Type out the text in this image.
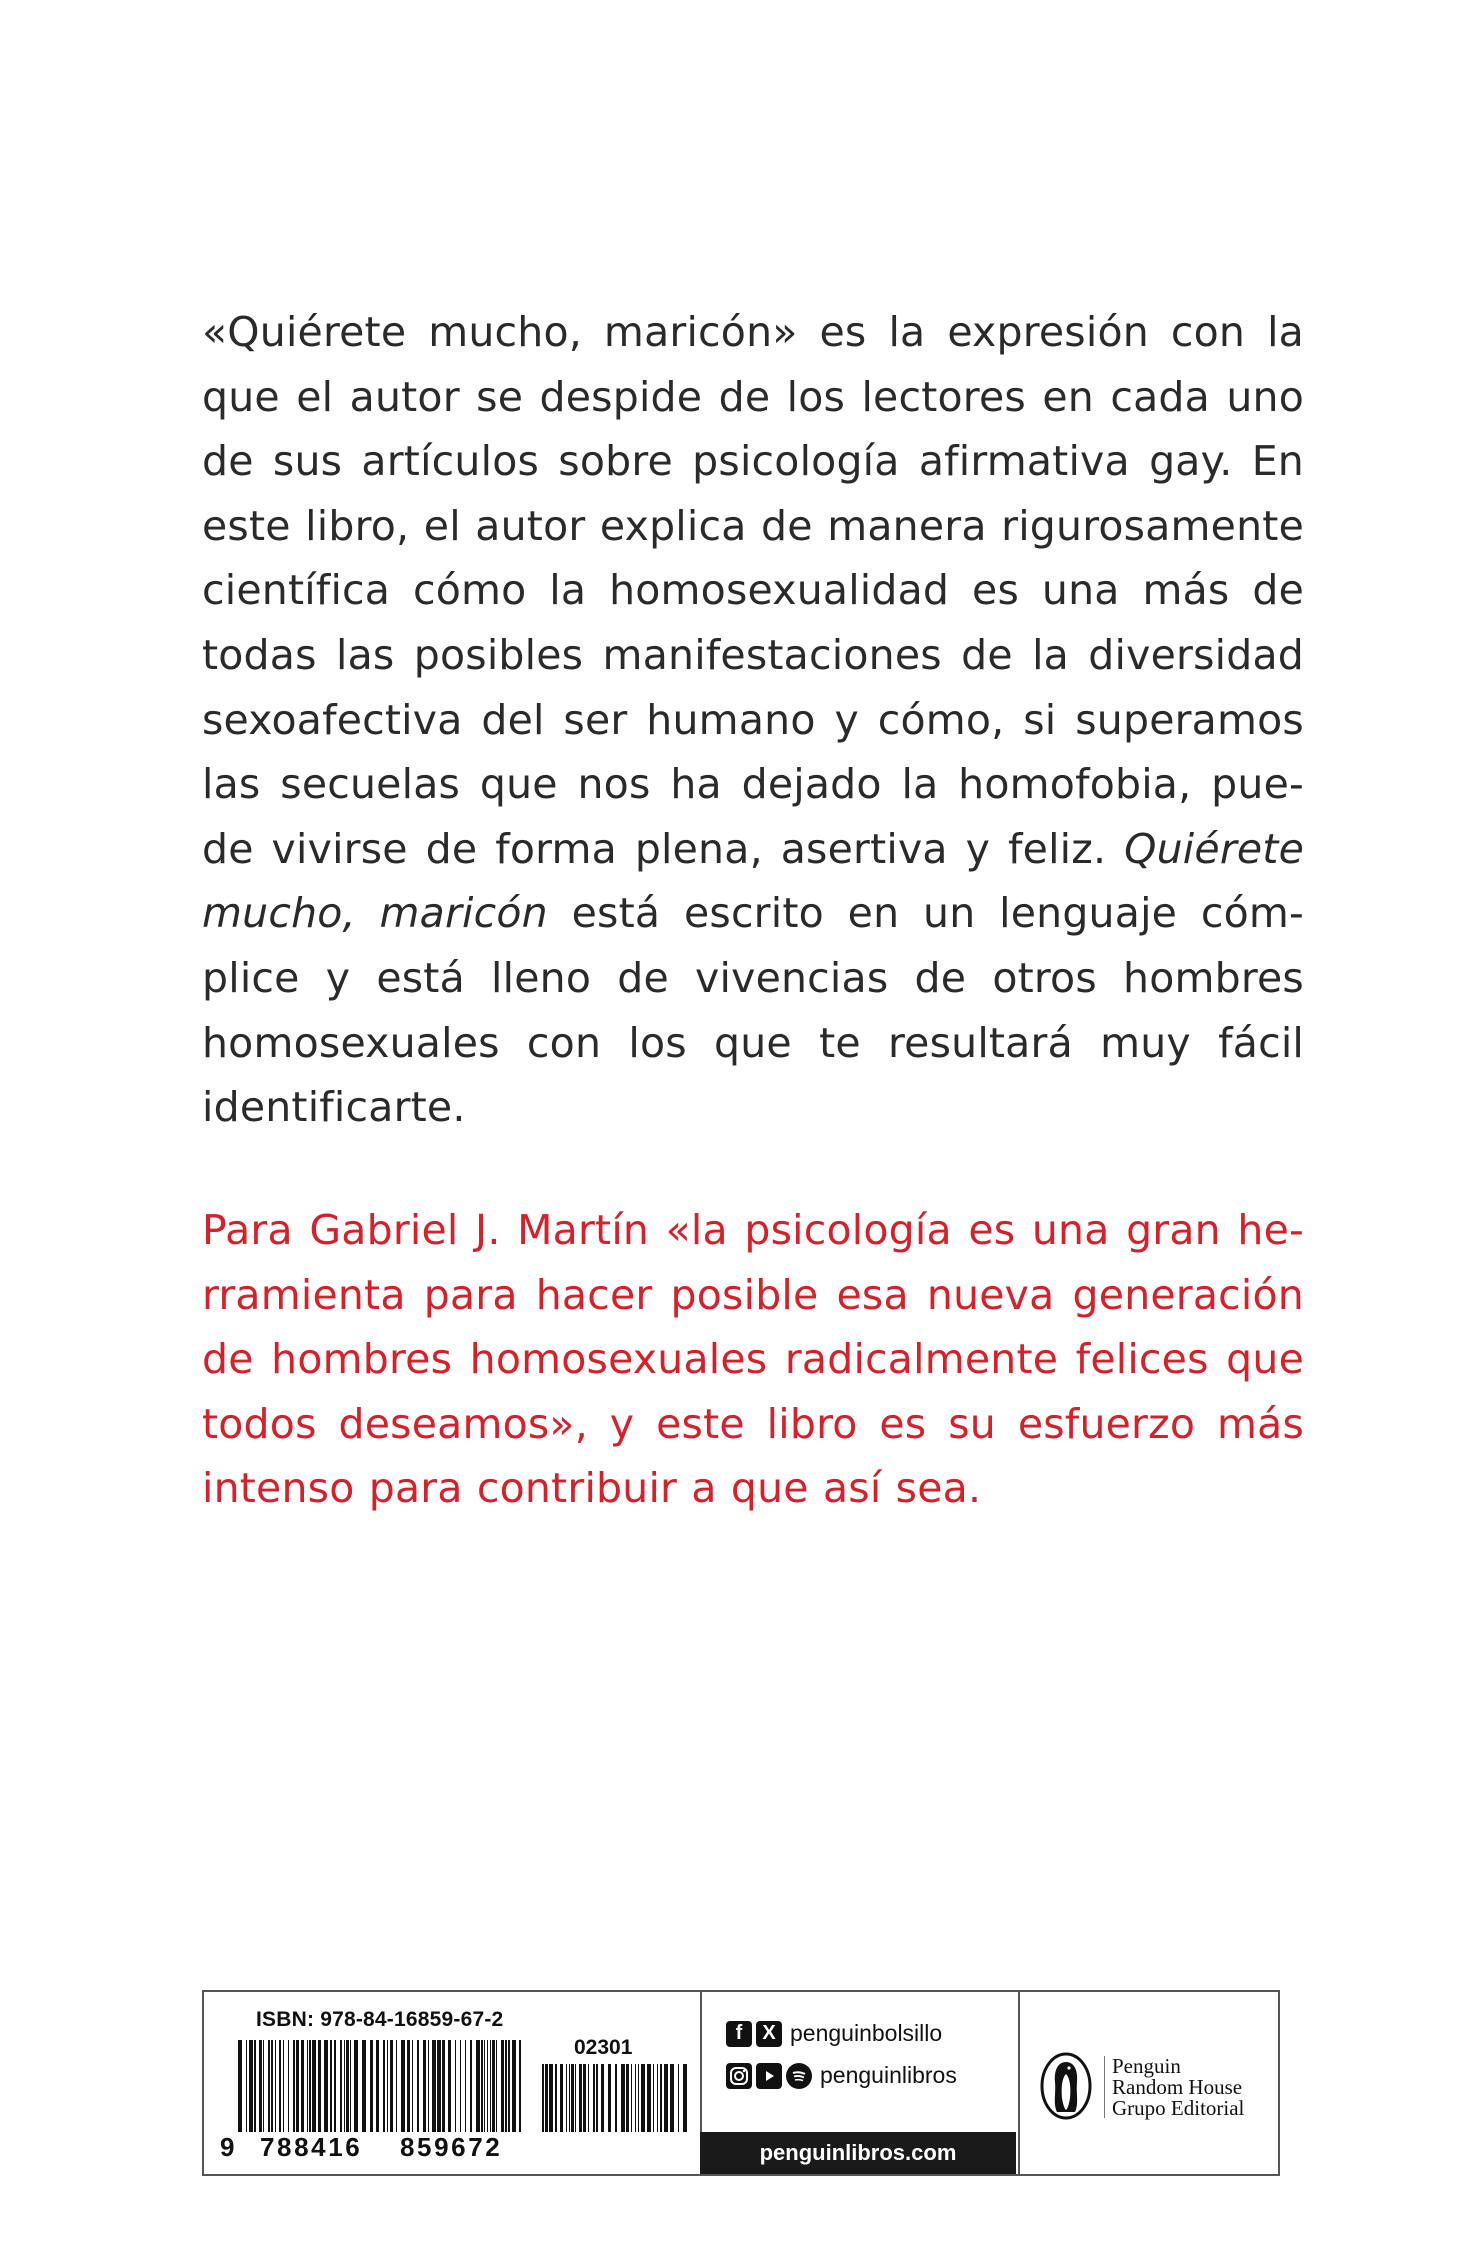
«Quiérete mucho, maricón» es la expresión con la que el autor se despide de los lectores en cada uno de sus artículos sobre psicología afirmativa gay. En este libro, el autor explica de manera rigurosamente científica cómo la homosexualidad es una más de todas las posibles manifestaciones de la diversidad sexoafectiva del ser humano y cómo, si superamos las secuelas que nos ha dejado la homofobia, pue-de vivirse de forma plena, asertiva y feliz. Quiérete mucho, maricón está escrito en un lenguaje cóm-plice y está lleno de vivencias de otros hombres homosexuales con los que te resultará muy fácil identificarte.

Para Gabriel J. Martín «la psicología es una gran he-rramienta para hacer posible esa nueva generación de hombres homosexuales radicalmente felices que todos deseamos», y este libro es su esfuerzo más intenso para contribuir a que así sea.

ISBN: 978-84-16859-67-2
02301
9 788416 859672
f	X penguinbolsillo
penguinlibros
penguinlibros.com
Penguin
Random House
Grupo Editorial
